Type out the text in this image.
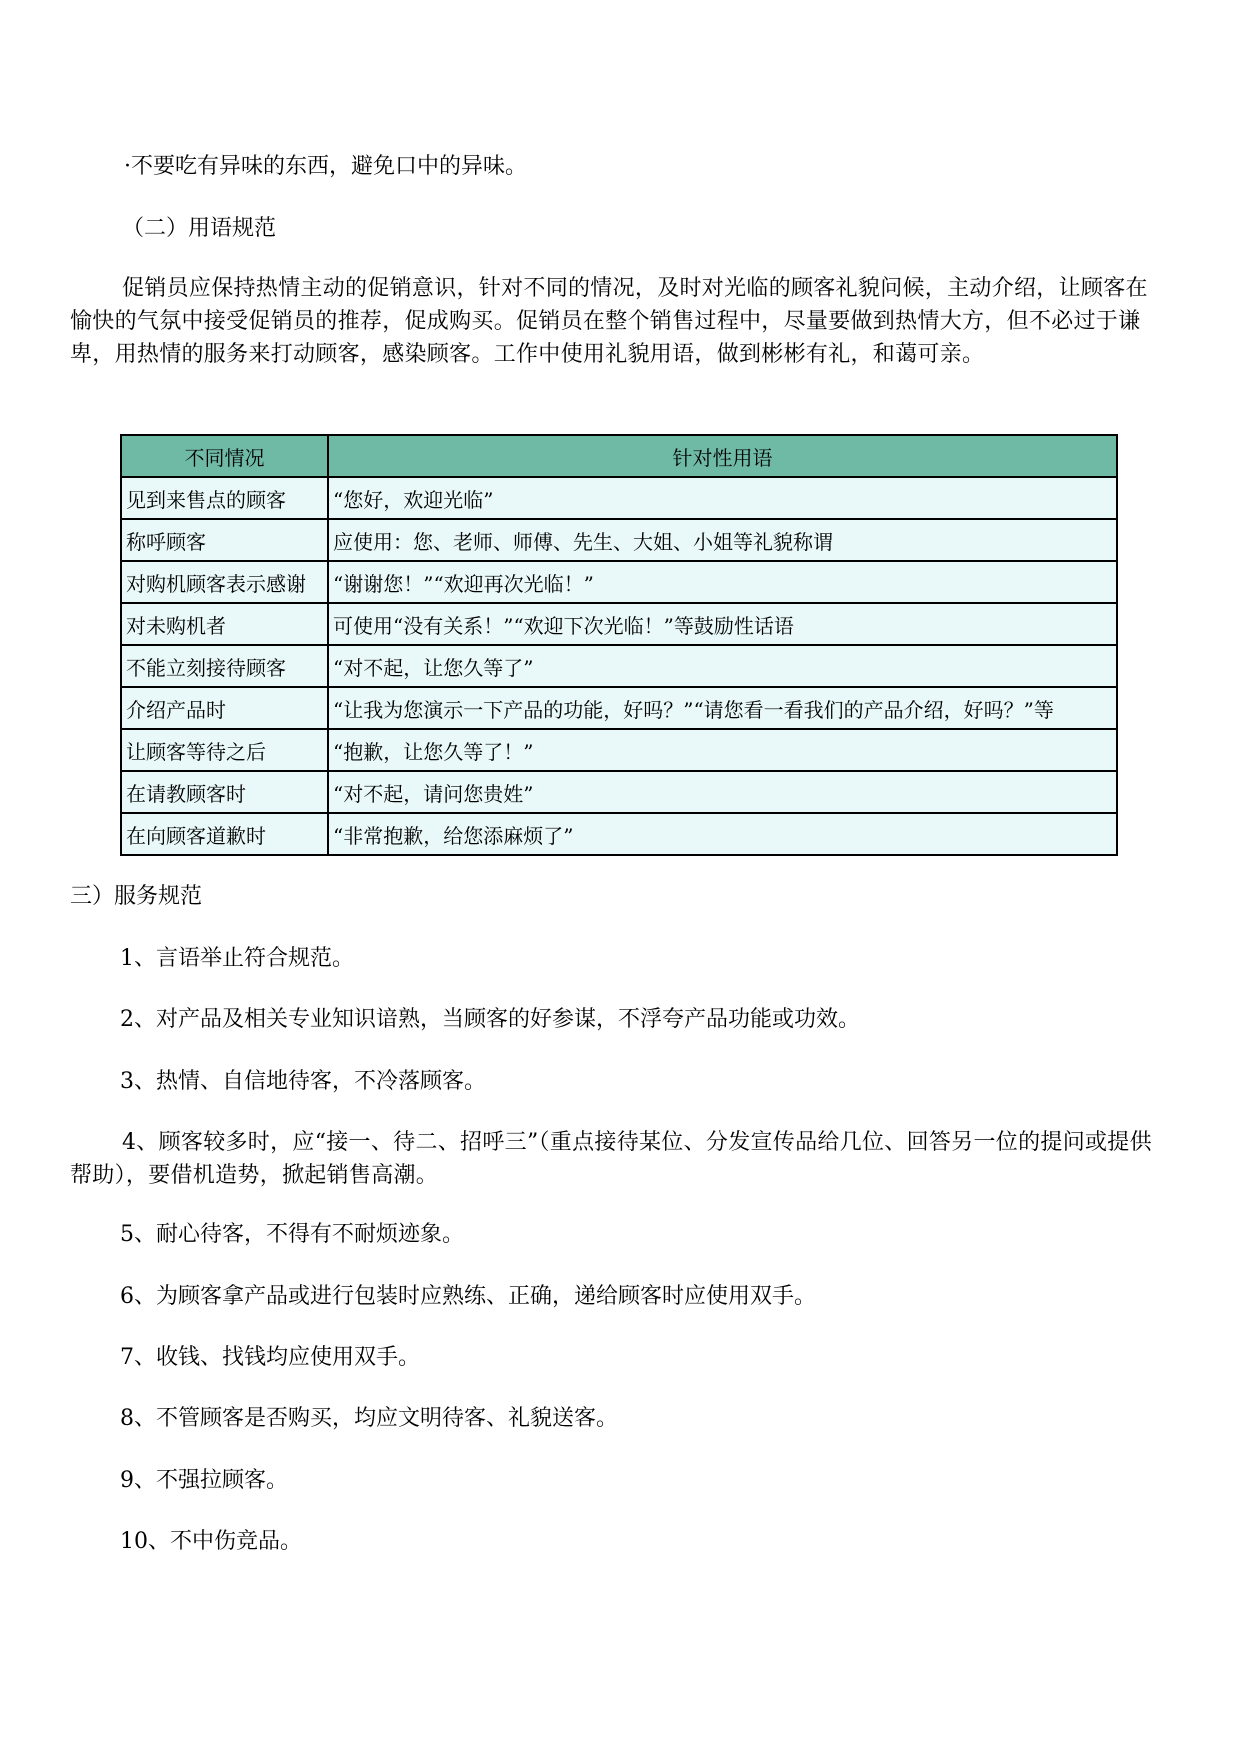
·不要吃有异味的东西，避免口中的异味。
（二）用语规范
促销员应保持热情主动的促销意识，针对不同的情况，及时对光临的顾客礼貌问候，主动介绍，让顾客在愉快的气氛中接受促销员的推荐，促成购买。促销员在整个销售过程中，尽量要做到热情大方，但不必过于谦卑，用热情的服务来打动顾客，感染顾客。工作中使用礼貌用语，做到彬彬有礼，和蔼可亲。
不同情况	针对性用语
见到来售点的顾客	“您好，欢迎光临”
称呼顾客	应使用：您、老师、师傅、先生、大姐、小姐等礼貌称谓
对购机顾客表示感谢	“谢谢您！”“欢迎再次光临！”
对未购机者	可使用“没有关系！”“欢迎下次光临！”等鼓励性话语
不能立刻接待顾客	“对不起，让您久等了”
介绍产品时	“让我为您演示一下产品的功能，好吗？”“请您看一看我们的产品介绍，好吗？”等
让顾客等待之后	“抱歉，让您久等了！”
在请教顾客时	“对不起，请问您贵姓”
在向顾客道歉时	“非常抱歉，给您添麻烦了”
三）服务规范
1、言语举止符合规范。
2、对产品及相关专业知识谙熟，当顾客的好参谋，不浮夸产品功能或功效。
3、热情、自信地待客，不冷落顾客。
4、顾客较多时，应“接一、待二、招呼三”（重点接待某位、分发宣传品给几位、回答另一位的提问或提供帮助），要借机造势，掀起销售高潮。
5、耐心待客，不得有不耐烦迹象。
6、为顾客拿产品或进行包装时应熟练、正确，递给顾客时应使用双手。
7、收钱、找钱均应使用双手。
8、不管顾客是否购买，均应文明待客、礼貌送客。
9、不强拉顾客。
10、不中伤竞品。
